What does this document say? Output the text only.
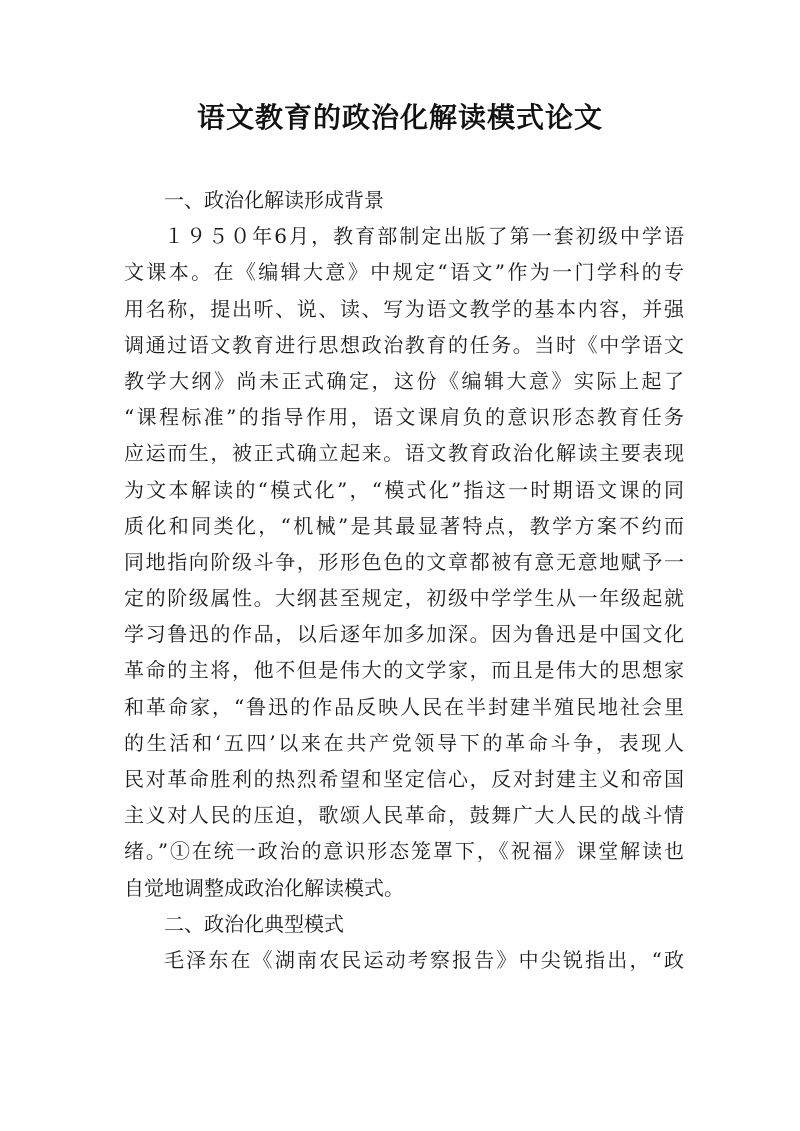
语文教育的政治化解读模式论文
一、政治化解读形成背景
１９５０年6月，教育部制定出版了第一套初级中学语
文课本。在《编辑大意》中规定“语文”作为一门学科的专
用名称，提出听、说、读、写为语文教学的基本内容，并强
调通过语文教育进行思想政治教育的任务。当时《中学语文
教学大纲》尚未正式确定，这份《编辑大意》实际上起了
“课程标准”的指导作用，语文课肩负的意识形态教育任务
应运而生，被正式确立起来。语文教育政治化解读主要表现
为文本解读的“模式化”，“模式化”指这一时期语文课的同
质化和同类化，“机械”是其最显著特点，教学方案不约而
同地指向阶级斗争，形形色色的文章都被有意无意地赋予一
定的阶级属性。大纲甚至规定，初级中学学生从一年级起就
学习鲁迅的作品，以后逐年加多加深。因为鲁迅是中国文化
革命的主将，他不但是伟大的文学家，而且是伟大的思想家
和革命家，“鲁迅的作品反映人民在半封建半殖民地社会里
的生活和‘五四’以来在共产党领导下的革命斗争，表现人
民对革命胜利的热烈希望和坚定信心，反对封建主义和帝国
主义对人民的压迫，歌颂人民革命，鼓舞广大人民的战斗情
绪。”①在统一政治的意识形态笼罩下，《祝福》课堂解读也
自觉地调整成政治化解读模式。
二、政治化典型模式
毛泽东在《湖南农民运动考察报告》中尖锐指出，“政
